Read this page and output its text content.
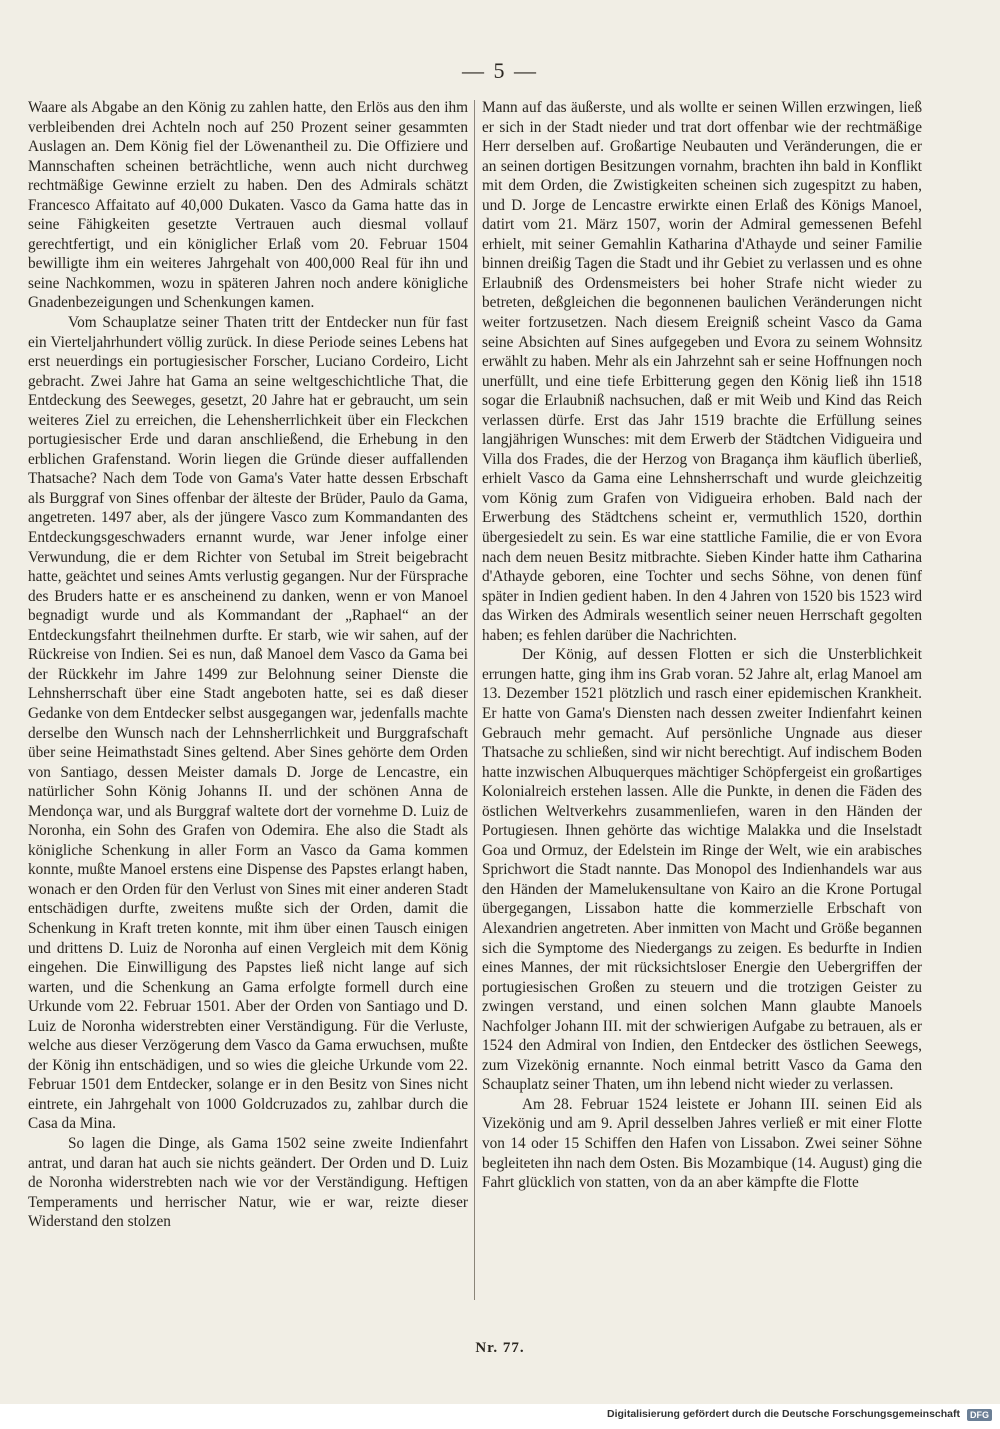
— 5 —

Waare als Abgabe an den König zu zahlen hatte, den Erlös aus den ihm verbleibenden drei Achteln noch auf 250 Prozent seiner gesammten Auslagen an. Dem König fiel der Löwenantheil zu. Die Offiziere und Mannschaften scheinen beträchtliche, wenn auch nicht durchweg rechtmäßige Gewinne erzielt zu haben. Den des Admirals schätzt Francesco Affaitato auf 40,000 Dukaten. Vasco da Gama hatte das in seine Fähigkeiten gesetzte Vertrauen auch diesmal vollauf gerechtfertigt, und ein königlicher Erlaß vom 20. Februar 1504 bewilligte ihm ein weiteres Jahrgehalt von 400,000 Real für ihn und seine Nachkommen, wozu in späteren Jahren noch andere königliche Gnadenbezeigungen und Schenkungen kamen.

Vom Schauplatze seiner Thaten tritt der Entdecker nun für fast ein Vierteljahrhundert völlig zurück. In diese Periode seines Lebens hat erst neuerdings ein portugiesischer Forscher, Luciano Cordeiro, Licht gebracht. Zwei Jahre hat Gama an seine weltgeschichtliche That, die Entdeckung des Seeweges, gesetzt, 20 Jahre hat er gebraucht, um sein weiteres Ziel zu erreichen, die Lehensherrlichkeit über ein Fleckchen portugiesischer Erde und daran anschließend, die Erhebung in den erblichen Grafenstand. Worin liegen die Gründe dieser auffallenden Thatsache? Nach dem Tode von Gama's Vater hatte dessen Erbschaft als Burggraf von Sines offenbar der älteste der Brüder, Paulo da Gama, angetreten. 1497 aber, als der jüngere Vasco zum Kommandanten des Entdeckungsgeschwaders ernannt wurde, war Jener infolge einer Verwundung, die er dem Richter von Setubal im Streit beigebracht hatte, geächtet und seines Amts verlustig gegangen. Nur der Fürsprache des Bruders hatte er es anscheinend zu danken, wenn er von Manoel begnadigt wurde und als Kommandant der „Raphael“ an der Entdeckungsfahrt theilnehmen durfte. Er starb, wie wir sahen, auf der Rückreise von Indien. Sei es nun, daß Manoel dem Vasco da Gama bei der Rückkehr im Jahre 1499 zur Belohnung seiner Dienste die Lehnsherrschaft über eine Stadt angeboten hatte, sei es daß dieser Gedanke von dem Entdecker selbst ausgegangen war, jedenfalls machte derselbe den Wunsch nach der Lehnsherrlichkeit und Burggrafschaft über seine Heimathstadt Sines geltend. Aber Sines gehörte dem Orden von Santiago, dessen Meister damals D. Jorge de Lencastre, ein natürlicher Sohn König Johanns II. und der schönen Anna de Mendonça war, und als Burggraf waltete dort der vornehme D. Luiz de Noronha, ein Sohn des Grafen von Odemira. Ehe also die Stadt als königliche Schenkung in aller Form an Vasco da Gama kommen konnte, mußte Manoel erstens eine Dispense des Papstes erlangt haben, wonach er den Orden für den Verlust von Sines mit einer anderen Stadt entschädigen durfte, zweitens mußte sich der Orden, damit die Schenkung in Kraft treten konnte, mit ihm über einen Tausch einigen und drittens D. Luiz de Noronha auf einen Vergleich mit dem König eingehen. Die Einwilligung des Papstes ließ nicht lange auf sich warten, und die Schenkung an Gama erfolgte formell durch eine Urkunde vom 22. Februar 1501. Aber der Orden von Santiago und D. Luiz de Noronha widerstrebten einer Verständigung. Für die Verluste, welche aus dieser Verzögerung dem Vasco da Gama erwuchsen, mußte der König ihn entschädigen, und so wies die gleiche Urkunde vom 22. Februar 1501 dem Entdecker, solange er in den Besitz von Sines nicht eintrete, ein Jahrgehalt von 1000 Goldcruzados zu, zahlbar durch die Casa da Mina.

So lagen die Dinge, als Gama 1502 seine zweite Indienfahrt antrat, und daran hat auch sie nichts geändert. Der Orden und D. Luiz de Noronha widerstrebten nach wie vor der Verständigung. Heftigen Temperaments und herrischer Natur, wie er war, reizte dieser Widerstand den stolzen

Mann auf das äußerste, und als wollte er seinen Willen erzwingen, ließ er sich in der Stadt nieder und trat dort offenbar wie der rechtmäßige Herr derselben auf. Großartige Neubauten und Veränderungen, die er an seinen dortigen Besitzungen vornahm, brachten ihn bald in Konflikt mit dem Orden, die Zwistigkeiten scheinen sich zugespitzt zu haben, und D. Jorge de Lencastre erwirkte einen Erlaß des Königs Manoel, datirt vom 21. März 1507, worin der Admiral gemessenen Befehl erhielt, mit seiner Gemahlin Katharina d'Athayde und seiner Familie binnen dreißig Tagen die Stadt und ihr Gebiet zu verlassen und es ohne Erlaubniß des Ordensmeisters bei hoher Strafe nicht wieder zu betreten, deßgleichen die begonnenen baulichen Veränderungen nicht weiter fortzusetzen. Nach diesem Ereigniß scheint Vasco da Gama seine Absichten auf Sines aufgegeben und Evora zu seinem Wohnsitz erwählt zu haben. Mehr als ein Jahrzehnt sah er seine Hoffnungen noch unerfüllt, und eine tiefe Erbitterung gegen den König ließ ihn 1518 sogar die Erlaubniß nachsuchen, daß er mit Weib und Kind das Reich verlassen dürfe. Erst das Jahr 1519 brachte die Erfüllung seines langjährigen Wunsches: mit dem Erwerb der Städtchen Vidigueira und Villa dos Frades, die der Herzog von Bragança ihm käuflich überließ, erhielt Vasco da Gama eine Lehnsherrschaft und wurde gleichzeitig vom König zum Grafen von Vidigueira erhoben. Bald nach der Erwerbung des Städtchens scheint er, vermuthlich 1520, dorthin übergesiedelt zu sein. Es war eine stattliche Familie, die er von Evora nach dem neuen Besitz mitbrachte. Sieben Kinder hatte ihm Catharina d'Athayde geboren, eine Tochter und sechs Söhne, von denen fünf später in Indien gedient haben. In den 4 Jahren von 1520 bis 1523 wird das Wirken des Admirals wesentlich seiner neuen Herrschaft gegolten haben; es fehlen darüber die Nachrichten.

Der König, auf dessen Flotten er sich die Unsterblichkeit errungen hatte, ging ihm ins Grab voran. 52 Jahre alt, erlag Manoel am 13. Dezember 1521 plötzlich und rasch einer epidemischen Krankheit. Er hatte von Gama's Diensten nach dessen zweiter Indienfahrt keinen Gebrauch mehr gemacht. Auf persönliche Ungnade aus dieser Thatsache zu schließen, sind wir nicht berechtigt. Auf indischem Boden hatte inzwischen Albuquerques mächtiger Schöpfergeist ein großartiges Kolonialreich erstehen lassen. Alle die Punkte, in denen die Fäden des östlichen Weltverkehrs zusammenliefen, waren in den Händen der Portugiesen. Ihnen gehörte das wichtige Malakka und die Inselstadt Goa und Ormuz, der Edelstein im Ringe der Welt, wie ein arabisches Sprichwort die Stadt nannte. Das Monopol des Indienhandels war aus den Händen der Mamelukensultane von Kairo an die Krone Portugal übergegangen, Lissabon hatte die kommerzielle Erbschaft von Alexandrien angetreten. Aber inmitten von Macht und Größe begannen sich die Symptome des Niedergangs zu zeigen. Es bedurfte in Indien eines Mannes, der mit rücksichtsloser Energie den Uebergriffen der portugiesischen Großen zu steuern und die trotzigen Geister zu zwingen verstand, und einen solchen Mann glaubte Manoels Nachfolger Johann III. mit der schwierigen Aufgabe zu betrauen, als er 1524 den Admiral von Indien, den Entdecker des östlichen Seewegs, zum Vizekönig ernannte. Noch einmal betritt Vasco da Gama den Schauplatz seiner Thaten, um ihn lebend nicht wieder zu verlassen.

Am 28. Februar 1524 leistete er Johann III. seinen Eid als Vizekönig und am 9. April desselben Jahres verließ er mit einer Flotte von 14 oder 15 Schiffen den Hafen von Lissabon. Zwei seiner Söhne begleiteten ihn nach dem Osten. Bis Mozambique (14. August) ging die Fahrt glücklich von statten, von da an aber kämpfte die Flotte

Nr. 77.
Digitalisierung gefördert durch die Deutsche Forschungsgemeinschaft	DFG
